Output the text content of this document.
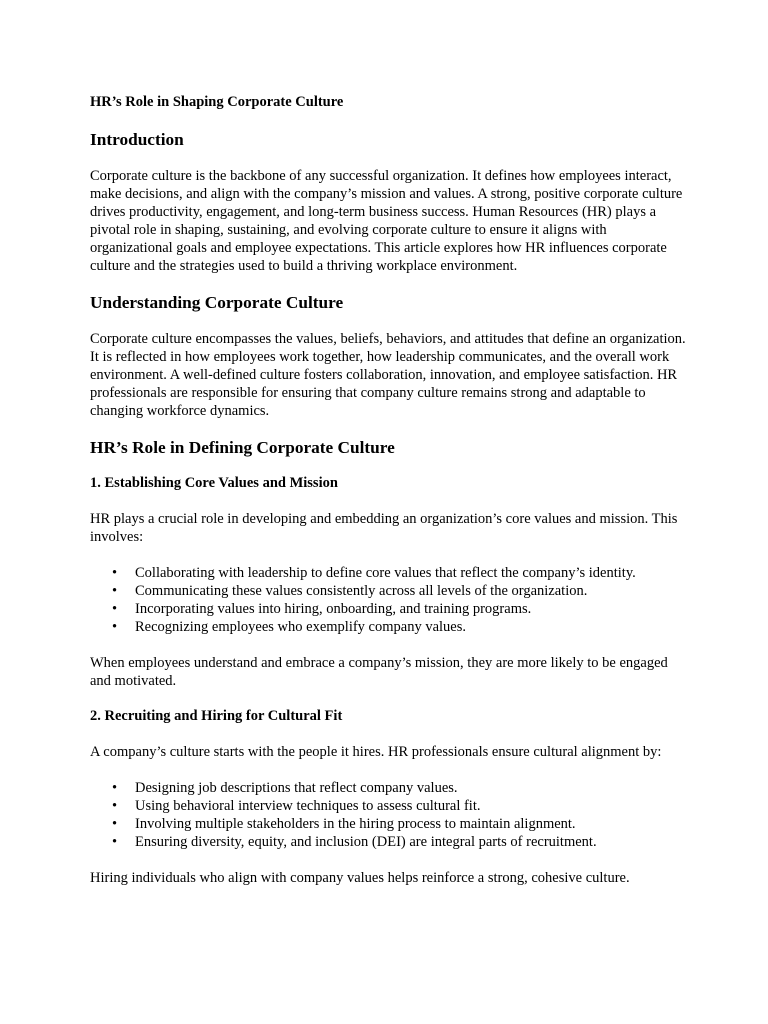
HR’s Role in Shaping Corporate Culture
Introduction

Corporate culture is the backbone of any successful organization. It defines how employees interact, make decisions, and align with the company’s mission and values. A strong, positive corporate culture drives productivity, engagement, and long-term business success. Human Resources (HR) plays a pivotal role in shaping, sustaining, and evolving corporate culture to ensure it aligns with organizational goals and employee expectations. This article explores how HR influences corporate culture and the strategies used to build a thriving workplace environment.

Understanding Corporate Culture

Corporate culture encompasses the values, beliefs, behaviors, and attitudes that define an organization. It is reflected in how employees work together, how leadership communicates, and the overall work environment. A well-defined culture fosters collaboration, innovation, and employee satisfaction. HR professionals are responsible for ensuring that company culture remains strong and adaptable to changing workforce dynamics.

HR’s Role in Defining Corporate Culture
1. Establishing Core Values and Mission

HR plays a crucial role in developing and embedding an organization’s core values and mission. This involves:

• Collaborating with leadership to define core values that reflect the company’s identity.
• Communicating these values consistently across all levels of the organization.
• Incorporating values into hiring, onboarding, and training programs.
• Recognizing employees who exemplify company values.

When employees understand and embrace a company’s mission, they are more likely to be engaged and motivated.

2. Recruiting and Hiring for Cultural Fit

A company’s culture starts with the people it hires. HR professionals ensure cultural alignment by:

• Designing job descriptions that reflect company values.
• Using behavioral interview techniques to assess cultural fit.
• Involving multiple stakeholders in the hiring process to maintain alignment.
• Ensuring diversity, equity, and inclusion (DEI) are integral parts of recruitment.

Hiring individuals who align with company values helps reinforce a strong, cohesive culture.
